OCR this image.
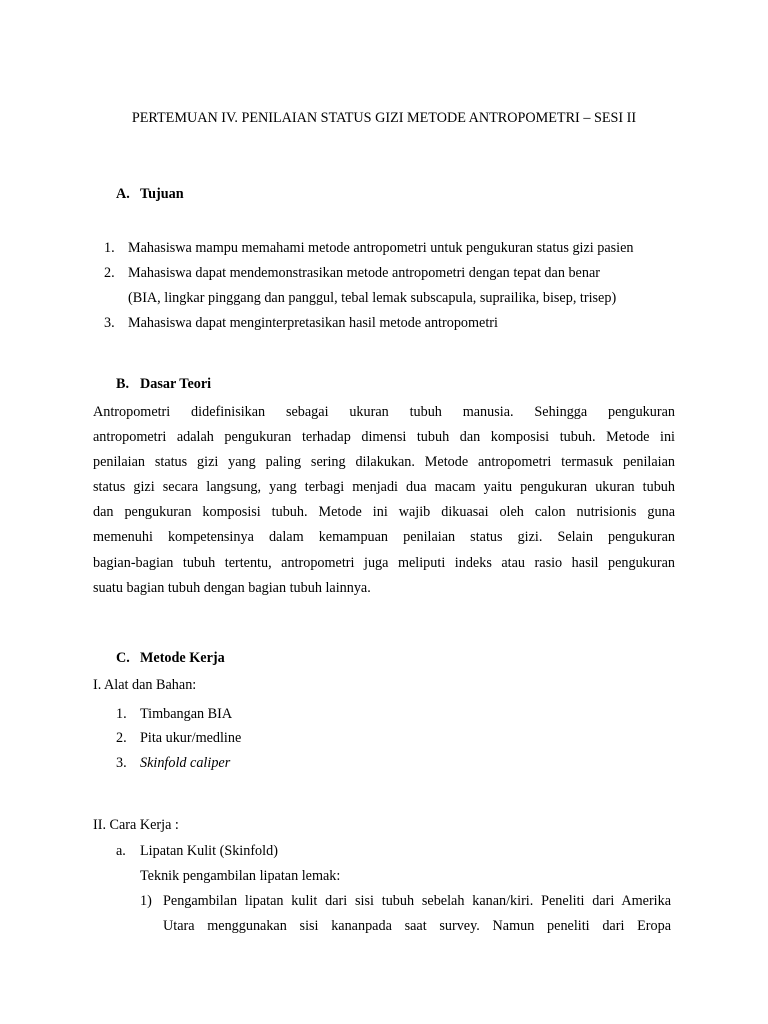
PERTEMUAN IV. PENILAIAN STATUS GIZI METODE ANTROPOMETRI – SESI II
A. Tujuan
1. Mahasiswa mampu memahami metode antropometri untuk pengukuran status gizi pasien
2. Mahasiswa dapat mendemonstrasikan metode antropometri dengan tepat dan benar
(BIA, lingkar pinggang dan panggul, tebal lemak subscapula, suprailika, bisep, trisep)
3. Mahasiswa dapat menginterpretasikan hasil metode antropometri
B. Dasar Teori
Antropometri didefinisikan sebagai ukuran tubuh manusia. Sehingga pengukuran
antropometri adalah pengukuran terhadap dimensi tubuh dan komposisi tubuh. Metode ini
penilaian status gizi yang paling sering dilakukan. Metode antropometri termasuk penilaian
status gizi secara langsung, yang terbagi menjadi dua macam yaitu pengukuran ukuran tubuh
dan pengukuran komposisi tubuh. Metode ini wajib dikuasai oleh calon nutrisionis guna
memenuhi kompetensinya dalam kemampuan penilaian status gizi. Selain pengukuran
bagian-bagian tubuh tertentu, antropometri juga meliputi indeks atau rasio hasil pengukuran
suatu bagian tubuh dengan bagian tubuh lainnya.
C. Metode Kerja
I. Alat dan Bahan:
1. Timbangan BIA
2. Pita ukur/medline
3. Skinfold caliper
II. Cara Kerja :
a. Lipatan Kulit (Skinfold)
Teknik pengambilan lipatan lemak:
1) Pengambilan lipatan kulit dari sisi tubuh sebelah kanan/kiri. Peneliti dari Amerika
Utara menggunakan sisi kananpada saat survey. Namun peneliti dari Eropa
